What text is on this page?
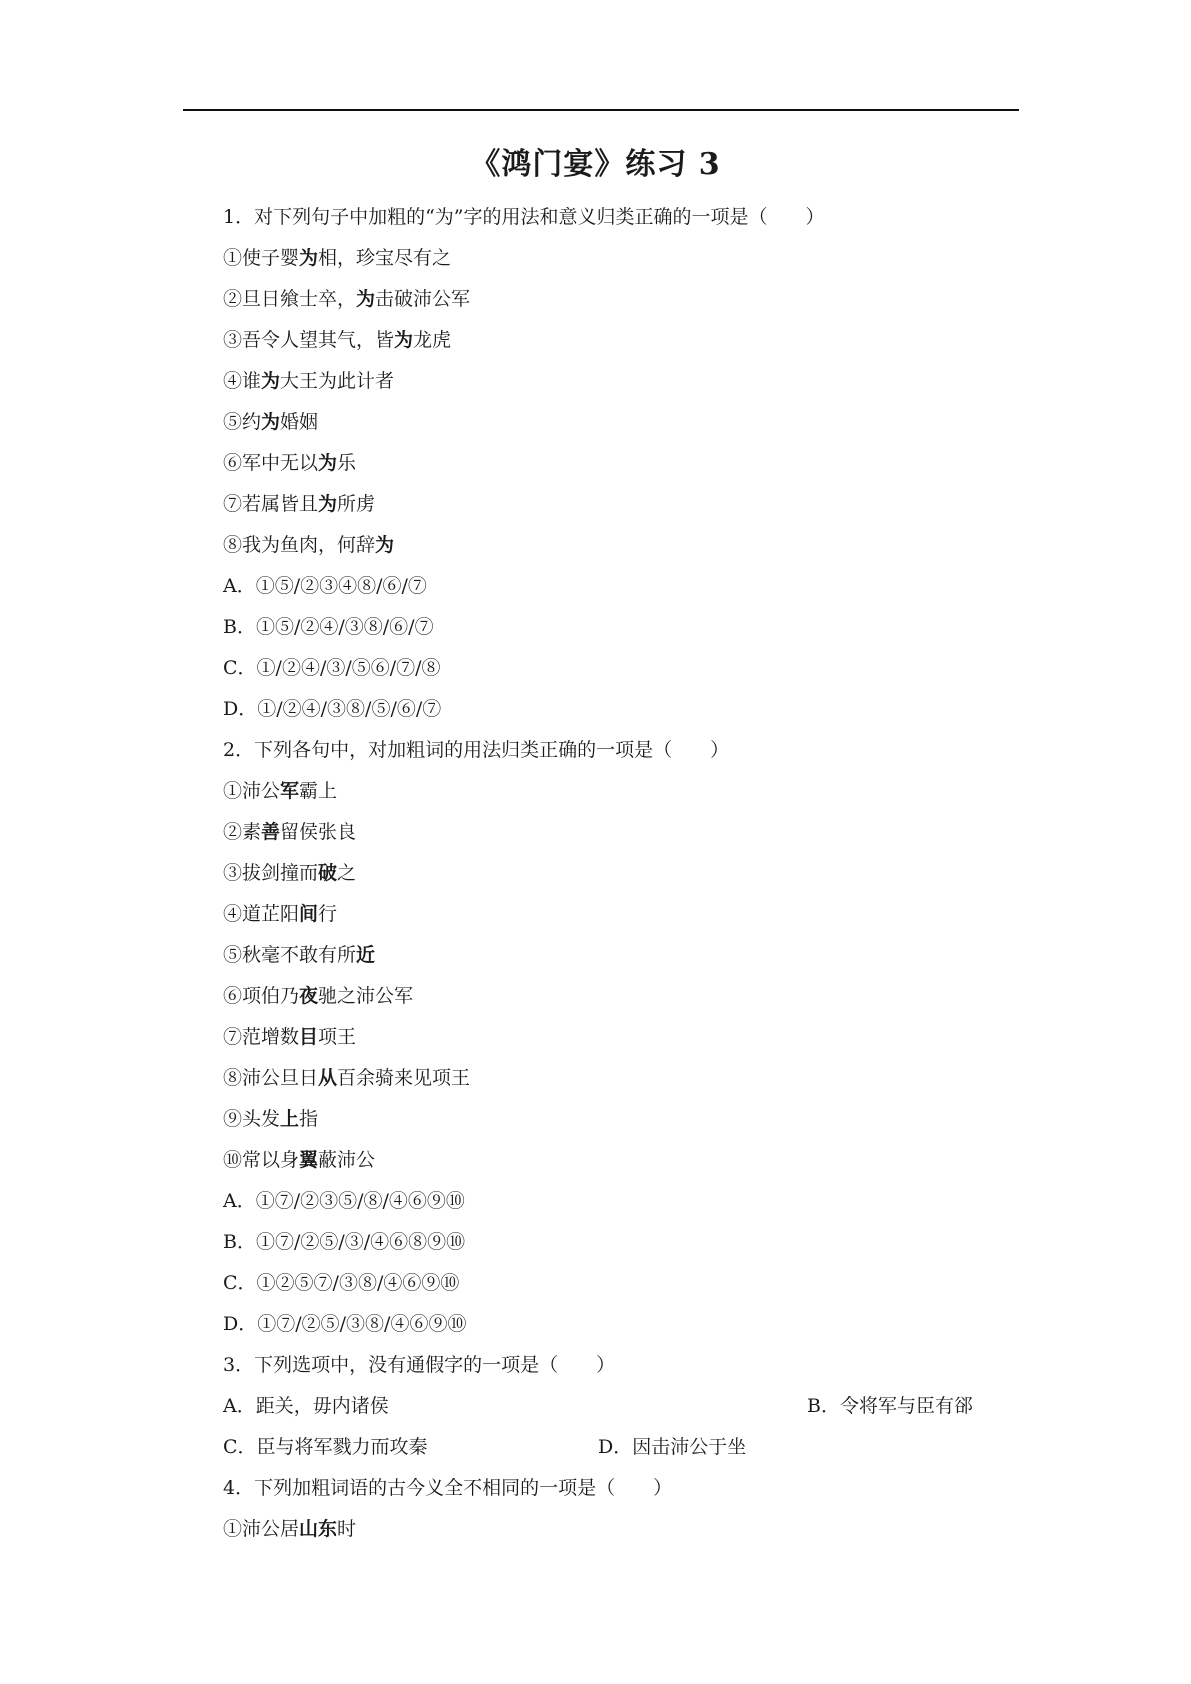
《鸿门宴》练习 3
1．对下列句子中加粗的“为”字的用法和意义归类正确的一项是（　　）
①使子婴为相，珍宝尽有之
②旦日飨士卒，为击破沛公军
③吾令人望其气，皆为龙虎
④谁为大王为此计者
⑤约为婚姻
⑥军中无以为乐
⑦若属皆且为所虏
⑧我为鱼肉，何辞为
A．①⑤/②③④⑧/⑥/⑦
B．①⑤/②④/③⑧/⑥/⑦
C．①/②④/③/⑤⑥/⑦/⑧
D．①/②④/③⑧/⑤/⑥/⑦
2．下列各句中，对加粗词的用法归类正确的一项是（　　）
①沛公军霸上
②素善留侯张良
③拔剑撞而破之
④道芷阳间行
⑤秋毫不敢有所近
⑥项伯乃夜驰之沛公军
⑦范增数目项王
⑧沛公旦日从百余骑来见项王
⑨头发上指
⑩常以身翼蔽沛公
A．①⑦/②③⑤/⑧/④⑥⑨⑩
B．①⑦/②⑤/③/④⑥⑧⑨⑩
C．①②⑤⑦/③⑧/④⑥⑨⑩
D．①⑦/②⑤/③⑧/④⑥⑨⑩
3．下列选项中，没有通假字的一项是（　　）
A．距关，毋内诸侯	B．令将军与臣有郤
C．臣与将军戮力而攻秦	D．因击沛公于坐
4．下列加粗词语的古今义全不相同的一项是（　　）
①沛公居山东时
